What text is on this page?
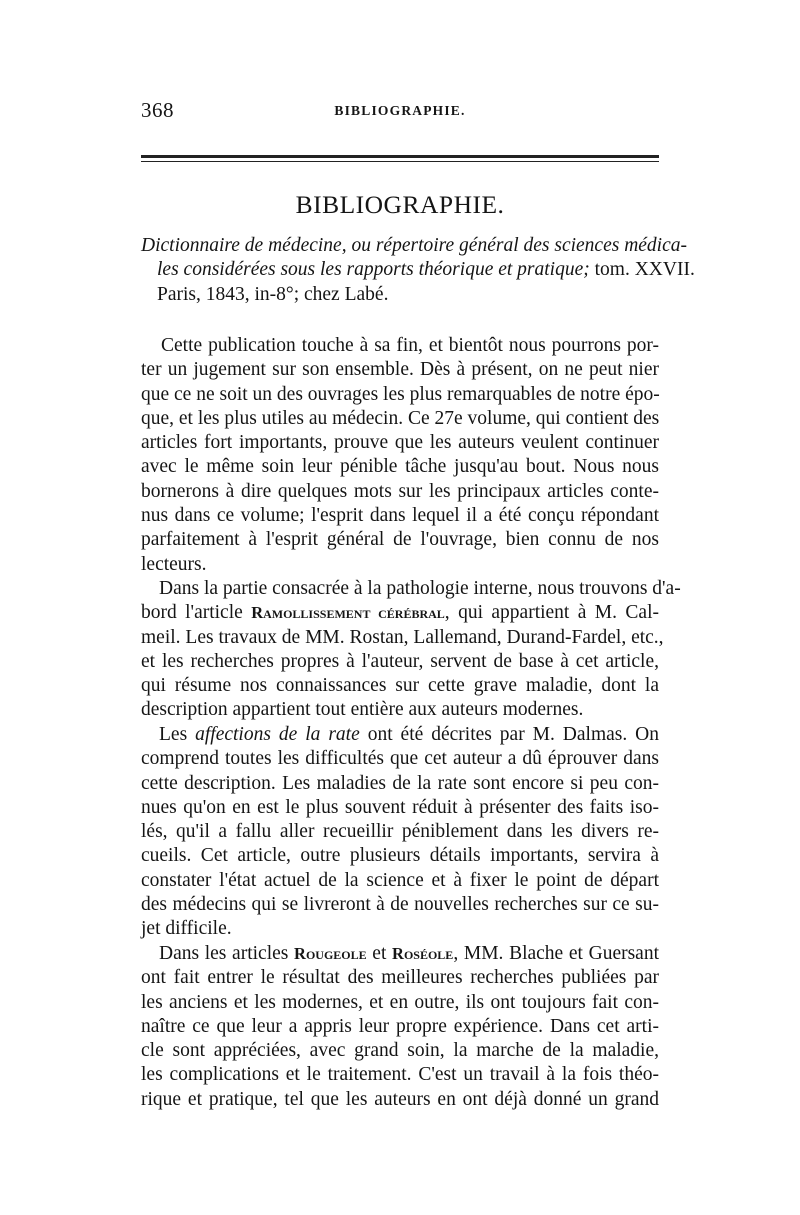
368	BIBLIOGRAPHIE.
BIBLIOGRAPHIE.
Dictionnaire de médecine, ou répertoire général des sciences médica-
les considérées sous les rapports théorique et pratique; tom. XXVII.
Paris, 1843, in-8°; chez Labé.
Cette publication touche à sa fin, et bientôt nous pourrons por-
ter un jugement sur son ensemble. Dès à présent, on ne peut nier
que ce ne soit un des ouvrages les plus remarquables de notre épo-
que, et les plus utiles au médecin. Ce 27e volume, qui contient des
articles fort importants, prouve que les auteurs veulent continuer
avec le même soin leur pénible tâche jusqu'au bout. Nous nous
bornerons à dire quelques mots sur les principaux articles conte-
nus dans ce volume; l'esprit dans lequel il a été conçu répondant
parfaitement à l'esprit général de l'ouvrage, bien connu de nos
lecteurs.
Dans la partie consacrée à la pathologie interne, nous trouvons d'a-
bord l'article Ramollissement cérébral, qui appartient à M. Cal-
meil. Les travaux de MM. Rostan, Lallemand, Durand-Fardel, etc.,
et les recherches propres à l'auteur, servent de base à cet article,
qui résume nos connaissances sur cette grave maladie, dont la
description appartient tout entière aux auteurs modernes.
Les affections de la rate ont été décrites par M. Dalmas. On
comprend toutes les difficultés que cet auteur a dû éprouver dans
cette description. Les maladies de la rate sont encore si peu con-
nues qu'on en est le plus souvent réduit à présenter des faits iso-
lés, qu'il a fallu aller recueillir péniblement dans les divers re-
cueils. Cet article, outre plusieurs détails importants, servira à
constater l'état actuel de la science et à fixer le point de départ
des médecins qui se livreront à de nouvelles recherches sur ce su-
jet difficile.
Dans les articles Rougeole et Roséole, MM. Blache et Guersant
ont fait entrer le résultat des meilleures recherches publiées par
les anciens et les modernes, et en outre, ils ont toujours fait con-
naître ce que leur a appris leur propre expérience. Dans cet arti-
cle sont appréciées, avec grand soin, la marche de la maladie,
les complications et le traitement. C'est un travail à la fois théo-
rique et pratique, tel que les auteurs en ont déjà donné un grand
